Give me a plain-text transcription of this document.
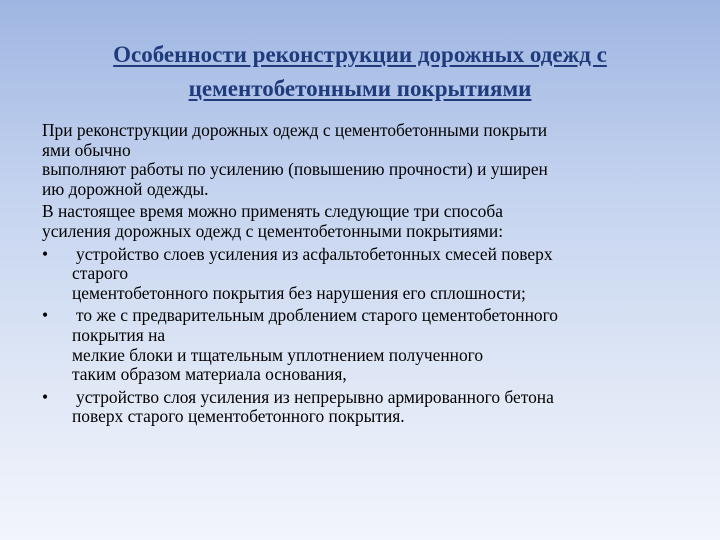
Особенности реконструкции дорожных одежд с
цементобетонными покрытиями
При реконструкции дорожных одежд с цементобетонными покрыти
ями обычно
выполняют работы по усилению (повышению прочности) и уширен
ию дорожной одежды.
В настоящее время можно применять следующие три способа
усиления дорожных одежд с цементобетонными покрытиями:
•	устройство слоев усиления из асфальтобетонных смесей поверх
старого
цементобетонного покрытия без нарушения его сплошности;
•	то же с предварительным дроблением старого цементобетонного
покрытия на
мелкие блоки и тщательным уплотнением полученного
таким образом материала основания,
•	устройство слоя усиления из непрерывно армированного бетона
поверх старого цементобетонного покрытия.
